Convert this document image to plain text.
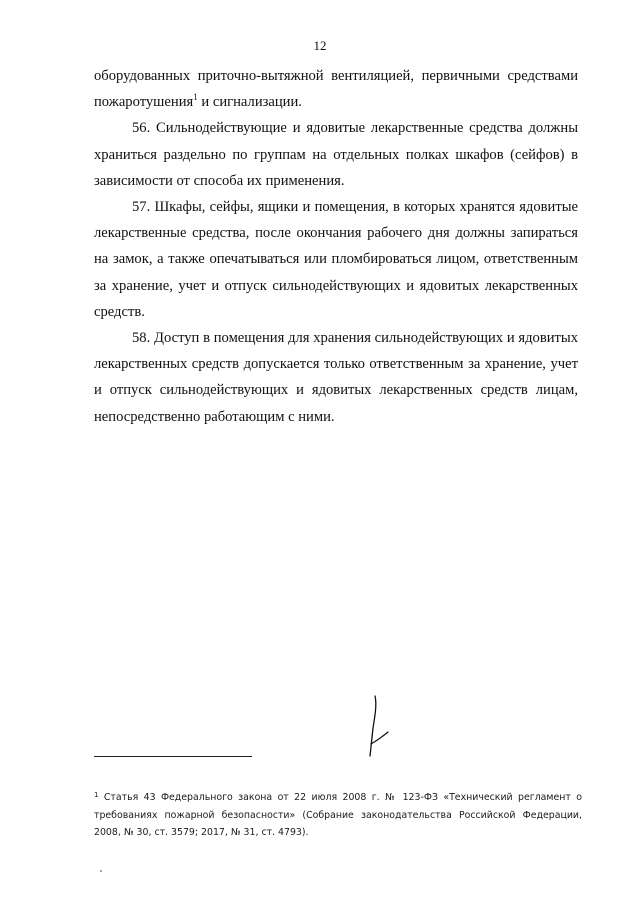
12

оборудованных приточно-вытяжной вентиляцией, первичными средствами пожаротушения$^1$ и сигнализации.

56. Сильнодействующие и ядовитые лекарственные средства должны храниться раздельно по группам на отдельных полках шкафов (сейфов) в зависимости от способа их применения.

57. Шкафы, сейфы, ящики и помещения, в которых хранятся ядовитые лекарственные средства, после окончания рабочего дня должны запираться на замок, а также опечатываться или пломбироваться лицом, ответственным за хранение, учет и отпуск сильнодействующих и ядовитых лекарственных средств.

58. Доступ в помещения для хранения сильнодействующих и ядовитых лекарственных средств допускается только ответственным за хранение, учет и отпуск сильнодействующих и ядовитых лекарственных средств лицам, непосредственно работающим с ними.

$^1$ Статья 43 Федерального закона от 22 июля 2008 г. № 123-ФЗ «Технический регламент о требованиях пожарной безопасности» (Собрание законодательства Российской Федерации, 2008, № 30, ст. 3579; 2017, № 31, ст. 4793).
